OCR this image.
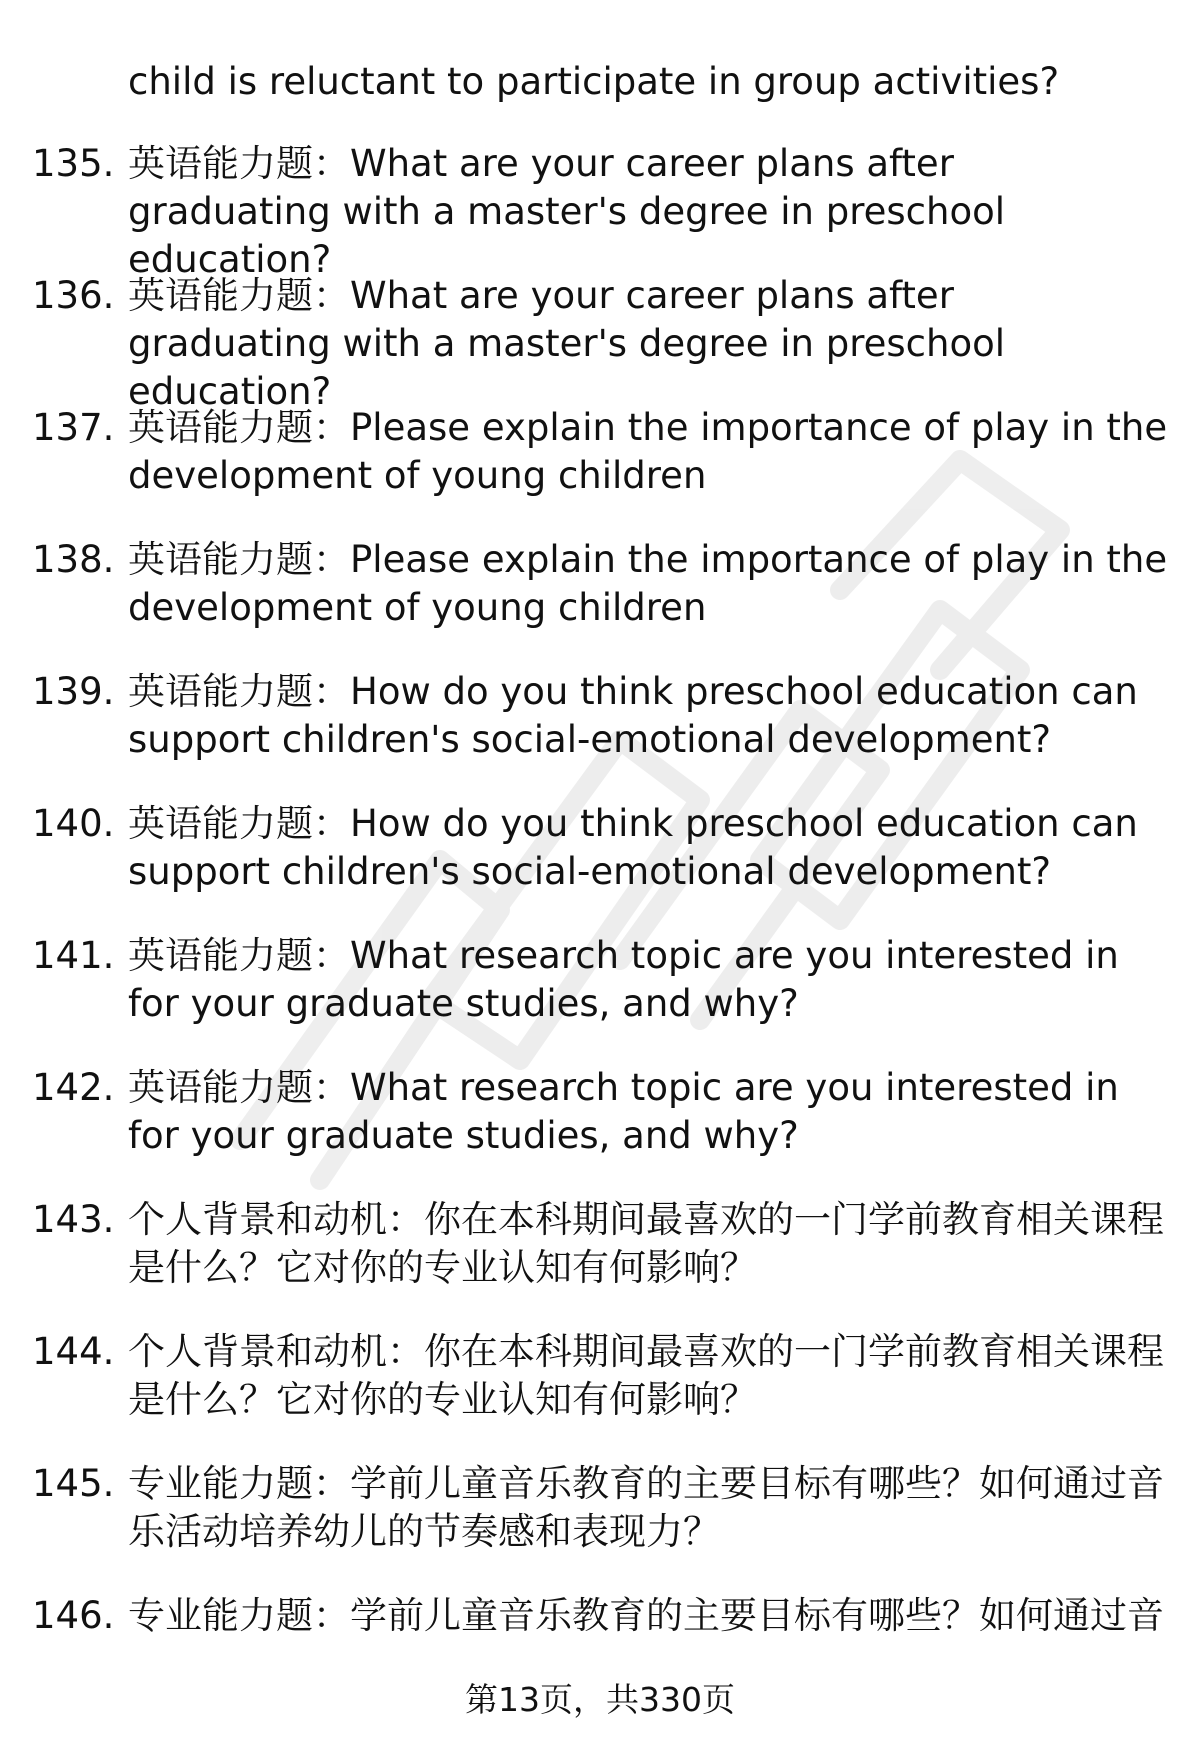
child is reluctant to participate in group activities?
135. 英语能力题：What are your career plans after graduating with a master's degree in preschool education?
136. 英语能力题：What are your career plans after graduating with a master's degree in preschool education?
137. 英语能力题：Please explain the importance of play in the development of young children
138. 英语能力题：Please explain the importance of play in the development of young children
139. 英语能力题：How do you think preschool education can support children's social-emotional development?
140. 英语能力题：How do you think preschool education can support children's social-emotional development?
141. 英语能力题：What research topic are you interested in for your graduate studies, and why?
142. 英语能力题：What research topic are you interested in for your graduate studies, and why?
143. 个人背景和动机：你在本科期间最喜欢的一门学前教育相关课程是什么？它对你的专业认知有何影响？
144. 个人背景和动机：你在本科期间最喜欢的一门学前教育相关课程是什么？它对你的专业认知有何影响？
145. 专业能力题：学前儿童音乐教育的主要目标有哪些？如何通过音乐活动培养幼儿的节奏感和表现力？
146. 专业能力题：学前儿童音乐教育的主要目标有哪些？如何通过音
第13页，共330页
